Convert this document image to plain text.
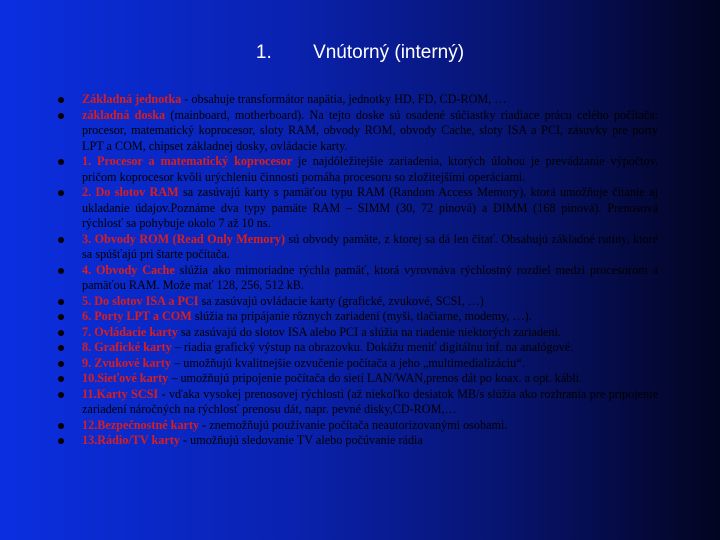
1. Vnútorný (interný)
Základná jednotka - obsahuje transformátor napätia, jednotky HD, FD, CD-ROM, …
základná doska (mainboard, motherboard). Na tejto doske sú osadené súčiastky riadiace prácu celého počítača: procesor, matematický koprocesor, sloty RAM, obvody ROM, obvody Cache, sloty ISA a PCI, zásuvky pre porty LPT a COM, chipset základnej dosky, ovládacie karty.
1. Procesor a matematický koprocesor je najdôležitejšie zariadenia, ktorých úlohou je prevádzanie výpočtov, pričom koprocesor kvôli urýchleniu činnosti pomáha procesoru so zložitejšími operáciami.
2. Do slotov RAM sa zasúvajú karty s pamäťou typu RAM (Random Access Memory), ktorá umožňuje čítanie aj ukladanie údajov.Poznáme dva typy pamäte RAM – SIMM (30, 72 pinová) a DIMM (168 pinová). Prenosová rýchlosť sa pohybuje okolo 7 až 10 ns.
3. Obvody ROM (Read Only Memory) sú obvody pamäte, z ktorej sa dá len čítať. Obsahujú základné rutiny, ktoré sa spúšťajú pri štarte počítača.
4. Obvody Cache slúžia ako mimoriadne rýchla pamäť, ktorá vyrovnáva rýchlostný rozdiel medzi procesorom a pamäťou RAM. Može mať 128, 256, 512 kB.
5. Do slotov ISA a PCI sa zasúvajú ovládacie karty (grafické, zvukové, SCSI, …)
6. Porty LPT a COM slúžia na pripájanie rôznych zariadení (myši, tlačiarne, modemy, …).
7. Ovládacie karty sa zasúvajú do slotov ISA alebo PCI a slúžia na riadenie niektorých zariadení.
8. Grafické karty – riadia grafický výstup na obrazovku. Dokážu meniť digitálnu inf. na analógové.
9. Zvukové karty – umožňujú kvalitnejšie ozvučenie počítača a jeho „multimedializáciu“.
10.Sieťové karty – umožňujú pripojenie počítača do sietí LAN/WAN,prenos dát po koax. a opt. kábli.
11.Karty SCSI - vďaka vysokej prenosovej rýchlosti (až niekoľko desiatok MB/s slúžia ako rozhrania pre pripojenie zariadení náročných na rýchlosť prenosu dát, napr. pevné disky,CD-ROM,…
12.Bezpečnostné karty - znemožňujú používanie počítača neautorizovanými osobami.
13.Rádio/TV karty - umožňujú sledovanie TV alebo počúvanie rádia
